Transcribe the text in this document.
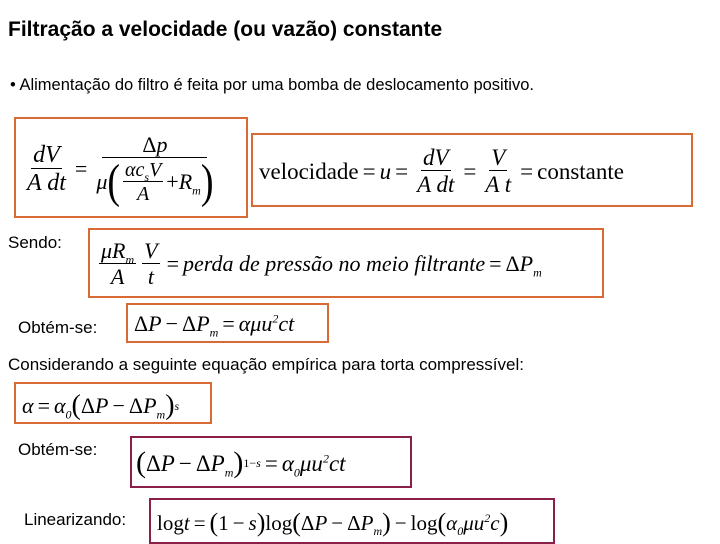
Filtração a velocidade (ou vazão) constante
• Alimentação do filtro é feita por uma bomba de deslocamento positivo.
$\frac{dV}{\text{A dt}} = \frac{\Delta p}{\mu ( \frac{\alpha c_sV}{A} + R_m )}$ velocidade = $u = \frac{dV}{\text{A dt}} = \frac{V}{\text{A t}}$ = constante
Sendo: $\frac{\mu R_m}{A} \frac{V}{t}$ = perda de pressão no meio filtrante = Δ $P_m$
Obtém-se: Δ P − Δ $P_m = \alpha\mu u^2ct$
Considerando a seguinte equação empírica para torta compressível:
$\alpha = \alpha_0$ ( Δ P − Δ $P_m$ ) s
Obtém-se: ( Δ P − Δ $P_m$ ) $1-s = \alpha_0\mu u^2ct$
Linearizando: log t = ( 1 − s ) log ( Δ P − Δ $P_m$ ) − log ( $\alpha_0\mu u^2c$ )
